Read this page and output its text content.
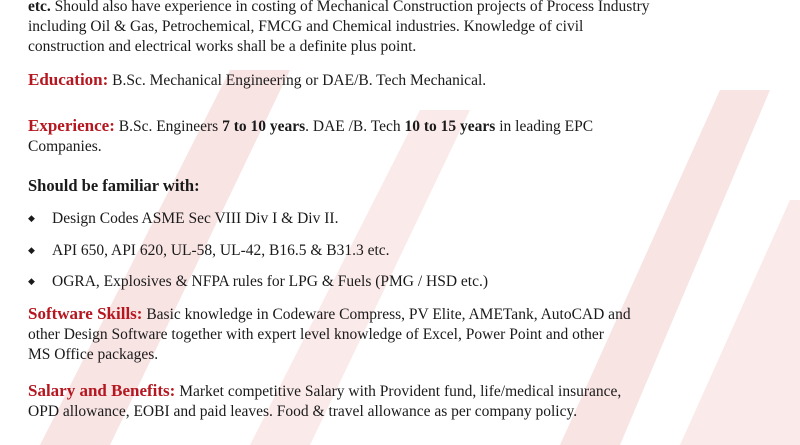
etc. Should also have experience in costing of Mechanical Construction projects of Process Industry

including Oil & Gas, Petrochemical, FMCG and Chemical industries. Knowledge of civil

construction and electrical works shall be a definite plus point.

Education: B.Sc. Mechanical Engineering or DAE/B. Tech Mechanical.

Experience: B.Sc. Engineers 7 to 10 years. DAE /B. Tech 10 to 15 years in leading EPC

Companies.

Should be familiar with:

◆ Design Codes ASME Sec VIII Div I & Div II.
◆ API 650, API 620, UL-58, UL-42, B16.5 & B31.3 etc.
◆ OGRA, Explosives & NFPA rules for LPG & Fuels (PMG / HSD etc.)

Software Skills: Basic knowledge in Codeware Compress, PV Elite, AMETank, AutoCAD and

other Design Software together with expert level knowledge of Excel, Power Point and other

MS Office packages.

Salary and Benefits: Market competitive Salary with Provident fund, life/medical insurance,

OPD allowance, EOBI and paid leaves. Food & travel allowance as per company policy.
